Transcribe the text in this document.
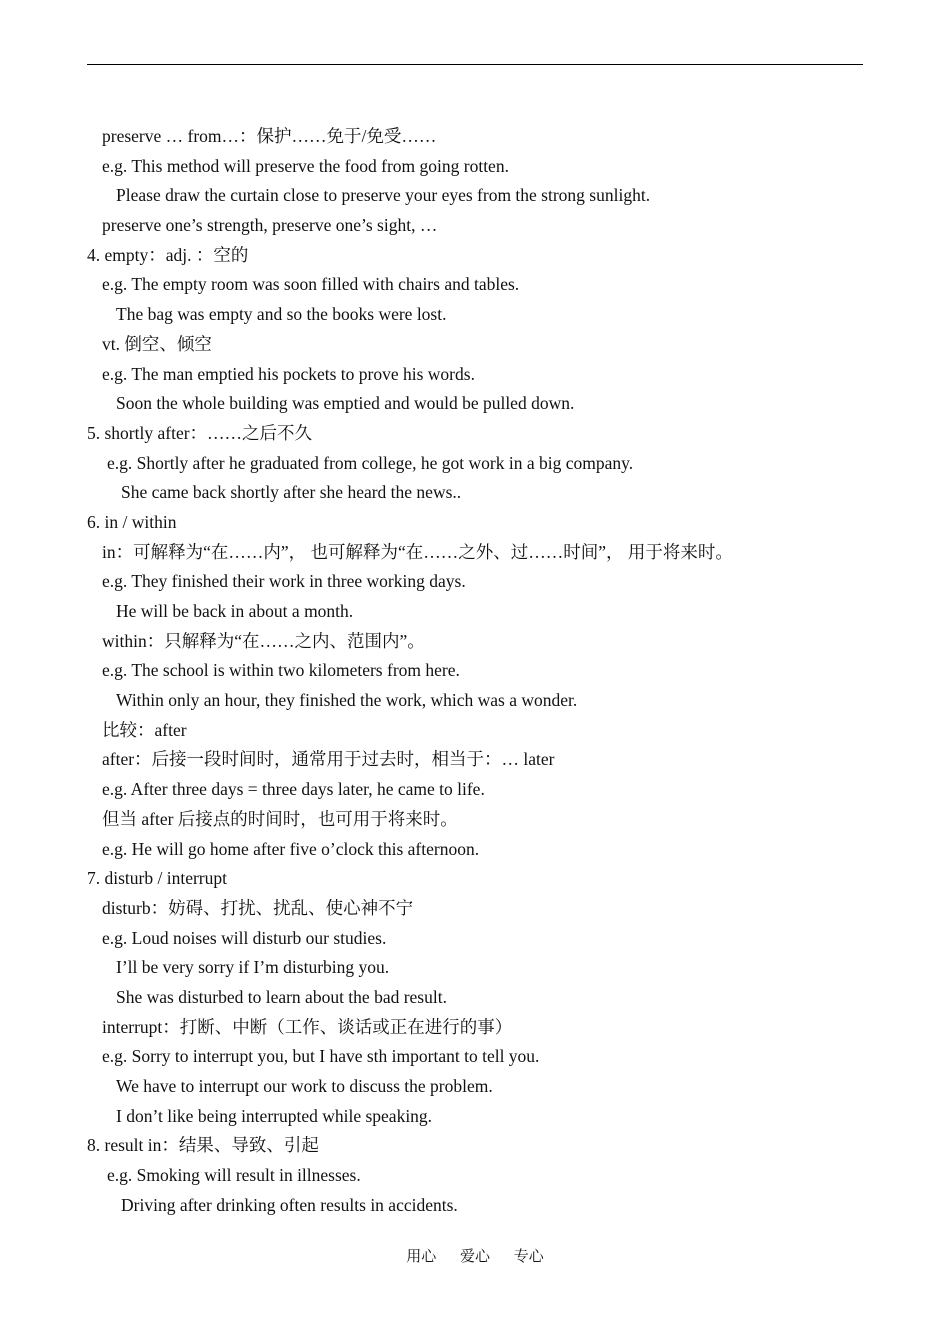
preserve … from…：保护……免于/免受……
e.g. This method will preserve the food from going rotten.
Please draw the curtain close to preserve your eyes from the strong sunlight.
preserve one’s strength, preserve one’s sight, …
4. empty：adj. ：空的
e.g. The empty room was soon filled with chairs and tables.
The bag was empty and so the books were lost.
vt. 倒空、倾空
e.g. The man emptied his pockets to prove his words.
Soon the whole building was emptied and would be pulled down.
5. shortly after：……之后不久
e.g. Shortly after he graduated from college, he got work in a big company.
She came back shortly after she heard the news..
6. in / within
in：可解释为“在……内”， 也可解释为“在……之外、过……时间”， 用于将来时。
e.g. They finished their work in three working days.
He will be back in about a month.
within：只解释为“在……之内、范围内”。
e.g. The school is within two kilometers from here.
Within only an hour, they finished the work, which was a wonder.
比较：after
after：后接一段时间时，通常用于过去时，相当于：… later
e.g. After three days = three days later, he came to life.
但当 after 后接点的时间时，也可用于将来时。
e.g. He will go home after five o’clock this afternoon.
7. disturb / interrupt
disturb：妨碍、打扰、扰乱、使心神不宁
e.g. Loud noises will disturb our studies.
I’ll be very sorry if I’m disturbing you.
She was disturbed to learn about the bad result.
interrupt：打断、中断（工作、谈话或正在进行的事）
e.g. Sorry to interrupt you, but I have sth important to tell you.
We have to interrupt our work to discuss the problem.
I don’t like being interrupted while speaking.
8. result in：结果、导致、引起
e.g. Smoking will result in illnesses.
Driving after drinking often results in accidents.
用心 爱心 专心
